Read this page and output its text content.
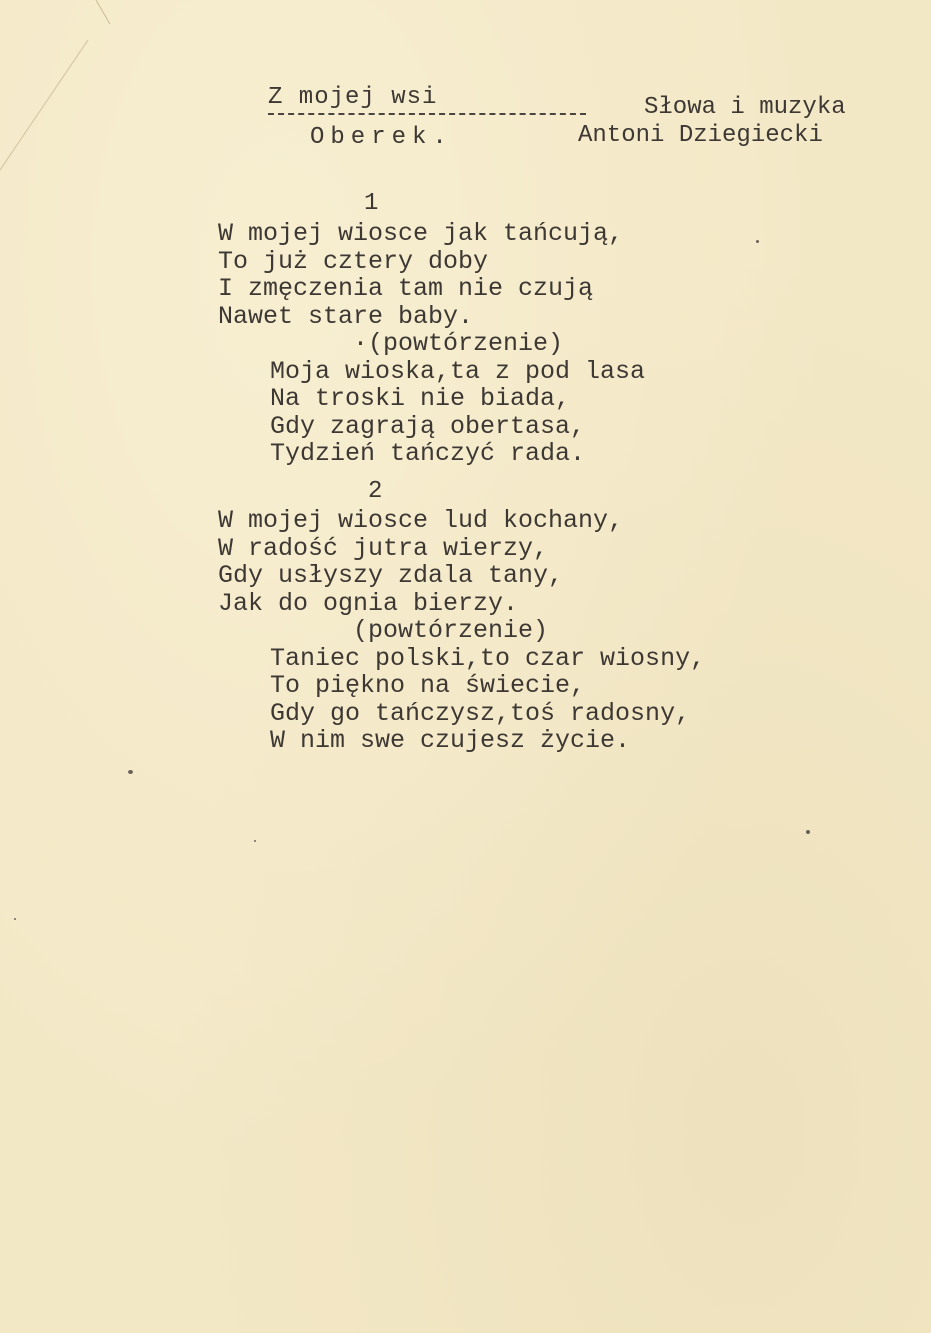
Z mojej wsi
Oberek.
Słowa i muzyka
Antoni Dziegiecki
1
W mojej wiosce jak tańcują,
To już cztery doby
I zmęczenia tam nie czują
Nawet stare baby.
·(powtórzenie)
Moja wioska,ta z pod lasa
Na troski nie biada,
Gdy zagrają obertasa,
Tydzień tańczyć rada.
2
W mojej wiosce lud kochany,
W radość jutra wierzy,
Gdy usłyszy zdala tany,
Jak do ognia bierzy.
(powtórzenie)
Taniec polski,to czar wiosny,
To piękno na świecie,
Gdy go tańczysz,toś radosny,
W nim swe czujesz życie.
